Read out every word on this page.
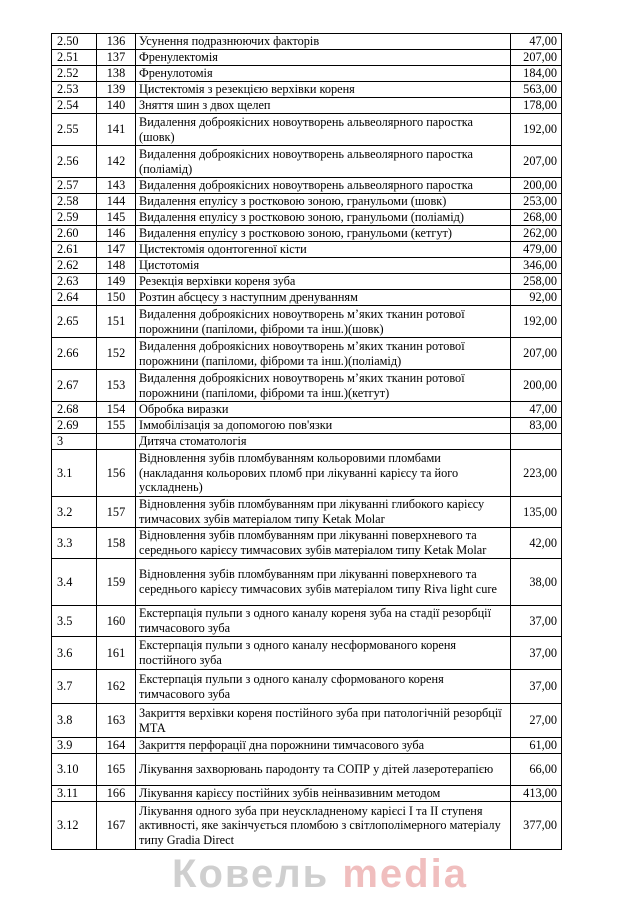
2.50	136	Усунення подразнюючих факторів	47,00
2.51	137	Френулектомія	207,00
2.52	138	Френулотомія	184,00
2.53	139	Цистектомія з резекцією верхівки кореня	563,00
2.54	140	Зняття шин з двох щелеп	178,00
2.55	141	Видалення доброякісних новоутворень альвеолярного паростка (шовк)	192,00
2.56	142	Видалення доброякісних новоутворень альвеолярного паростка (поліамід)	207,00
2.57	143	Видалення доброякісних новоутворень альвеолярного паростка	200,00
2.58	144	Видалення епулісу з ростковою зоною, гранульоми (шовк)	253,00
2.59	145	Видалення епулісу з ростковою зоною, гранульоми (поліамід)	268,00
2.60	146	Видалення епулісу з ростковою зоною, гранульоми (кетгут)	262,00
2.61	147	Цистектомія одонтогенної кісти	479,00
2.62	148	Цистотомія	346,00
2.63	149	Резекція верхівки кореня зуба	258,00
2.64	150	Розтин абсцесу з наступним дренуванням	92,00
2.65	151	Видалення доброякісних новоутворень м’яких тканин ротової порожнини (папіломи, фіброми та інш.)(шовк)	192,00
2.66	152	Видалення доброякісних новоутворень м’яких тканин ротової порожнини (папіломи, фіброми та інш.)(поліамід)	207,00
2.67	153	Видалення доброякісних новоутворень м’яких тканин ротової порожнини (папіломи, фіброми та інш.)(кетгут)	200,00
2.68	154	Обробка виразки	47,00
2.69	155	Іммобілізація за допомогою пов'язки	83,00
3		Дитяча стоматологія	
3.1	156	Відновлення зубів пломбуванням кольоровими пломбами (накладання кольорових пломб при лікуванні карієсу та його ускладнень)	223,00
3.2	157	Відновлення зубів пломбуванням при лікуванні глибокого карієсу тимчасових зубів матеріалом типу Ketak Molar	135,00
3.3	158	Відновлення зубів пломбуванням при лікуванні поверхневого та середнього карієсу тимчасових зубів матеріалом типу Ketak Molar	42,00
3.4	159	Відновлення зубів пломбуванням при лікуванні поверхневого та середнього карієсу тимчасових зубів матеріалом типу Riva light cure	38,00
3.5	160	Екстерпація пульпи з одного каналу кореня зуба на стадії резорбції тимчасового зуба	37,00
3.6	161	Екстерпація пульпи з одного каналу несформованого кореня постійного зуба	37,00
3.7	162	Екстерпація пульпи з одного каналу сформованого кореня тимчасового зуба	37,00
3.8	163	Закриття верхівки кореня постійного зуба при патологічній резорбції МТА	27,00
3.9	164	Закриття перфорації дна порожнини тимчасового зуба	61,00
3.10	165	Лікування захворювань пародонту та СОПР у дітей лазеротерапією	66,00
3.11	166	Лікування карієсу постійних зубів неінвазивним методом	413,00
3.12	167	Лікування одного зуба при неускладненому карієсі І та ІІ ступеня активності, яке закінчується пломбою з світлополімерного матеріалу типу Gradia Direct	377,00
Ковель media
